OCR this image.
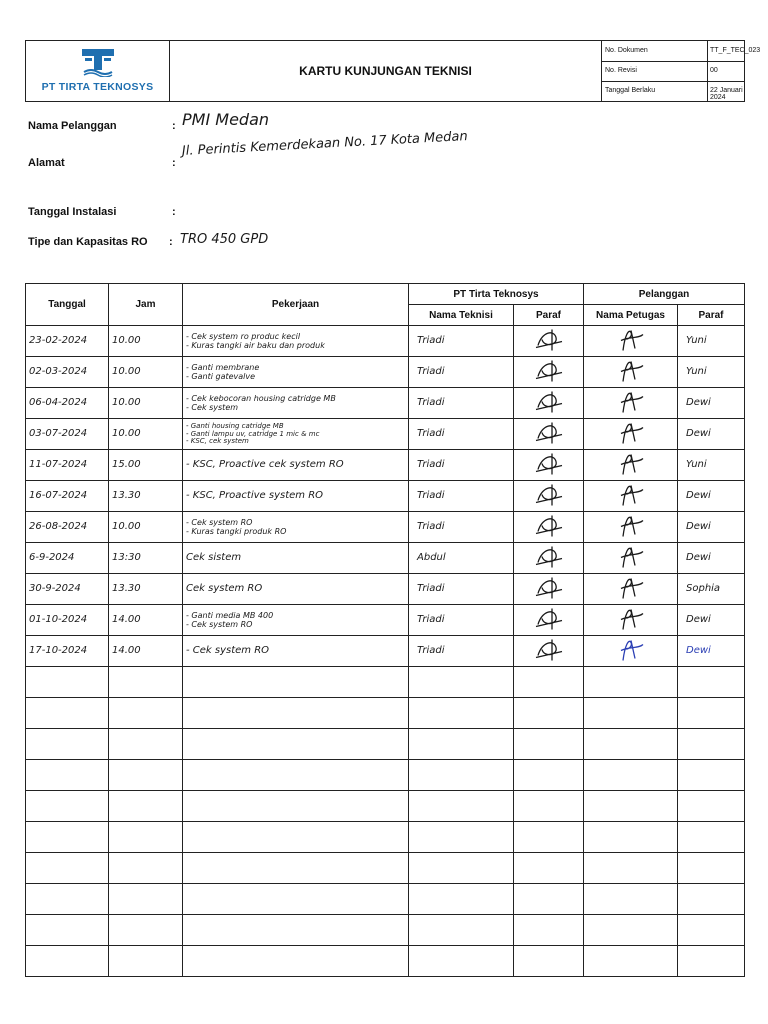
PT TIRTA TEKNOSYS
KARTU KUNJUNGAN TEKNISI
No. Dokumen	TT_F_TEC_023
No. Revisi	00
Tanggal Berlaku	22 Januari 2024
Nama Pelanggan	: PMI Medan
Alamat	:
Jl. Perintis Kemerdekaan No. 17 Kota Medan
Tanggal Instalasi	:
Tipe dan Kapasitas RO : TRO 450 GPD
Tanggal	Jam	Pekerjaan	PT Tirta Teknosys		Pelanggan	
			Nama Teknisi	Paraf	Nama Petugas	Paraf

23-02-2024	10.00	- Cek system ro produc kecil
- Kuras tangki air baku dan produk	Triadi			Yuni

02-03-2024	10.00	- Ganti membrane
- Ganti gatevalve	Triadi			Yuni

06-04-2024	10.00	- Cek kebocoran housing catridge MB
- Cek system	Triadi			Dewi

03-07-2024	10.00	- Ganti housing catridge MB
- Ganti lampu uv, catridge 1 mic & mc
- KSC, cek system	Triadi			Dewi

11-07-2024	15.00	- KSC, Proactive cek system RO	Triadi			Yuni

16-07-2024	13.30	- KSC, Proactive system RO	Triadi			Dewi

26-08-2024	10.00	- Cek system RO
- Kuras tangki produk RO	Triadi			Dewi

6-9-2024	13:30	Cek sistem	Abdul			Dewi

30-9-2024	13.30	Cek system RO	Triadi			Sophia

01-10-2024	14.00	- Ganti media MB 400
- Cek system RO	Triadi			Dewi

17-10-2024	14.00	- Cek system RO	Triadi			Dewi
